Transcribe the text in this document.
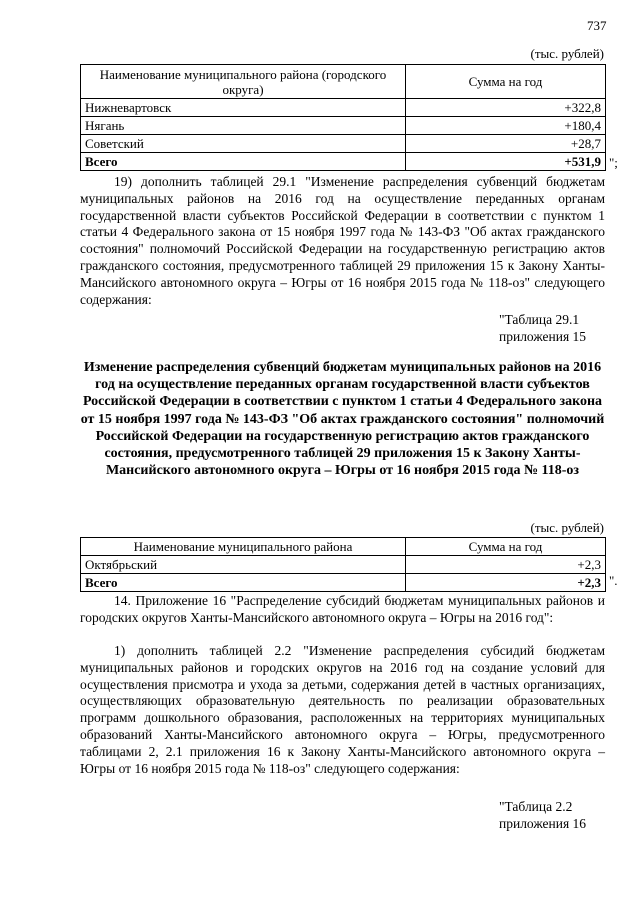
737
(тыс. рублей)
Наименование муниципального района (городского округа)	Сумма на год
Нижневартовск	+322,8
Нягань	+180,4
Советский	+28,7
Всего	+531,9 ";

19) дополнить таблицей 29.1 "Изменение распределения субвенций бюджетам муниципальных районов на 2016 год на осуществление переданных органам государственной власти субъектов Российской Федерации в соответствии с пунктом 1 статьи 4 Федерального закона от 15 ноября 1997 года № 143-ФЗ "Об актах гражданского состояния" полномочий Российской Федерации на государственную регистрацию актов гражданского состояния, предусмотренного таблицей 29 приложения 15 к Закону Ханты-Мансийского автономного округа – Югры от 16 ноября 2015 года № 118-оз" следующего содержания:

"Таблица 29.1
приложения 15
Изменение распределения субвенций бюджетам муниципальных районов на 2016 год на осуществление переданных органам государственной власти субъектов Российской Федерации в соответствии с пунктом 1 статьи 4 Федерального закона от 15 ноября 1997 года № 143-ФЗ "Об актах гражданского состояния" полномочий Российской Федерации на государственную регистрацию актов гражданского состояния, предусмотренного таблицей 29 приложения 15 к Закону Ханты-Мансийского автономного округа – Югры от 16 ноября 2015 года № 118-оз
(тыс. рублей)
Наименование муниципального района	Сумма на год
Октябрьский	+2,3
Всего	+2,3 ".

14. Приложение 16 "Распределение субсидий бюджетам муниципальных районов и городских округов Ханты-Мансийского автономного округа – Югры на 2016 год":

1) дополнить таблицей 2.2 "Изменение распределения субсидий бюджетам муниципальных районов и городских округов на 2016 год на создание условий для осуществления присмотра и ухода за детьми, содержания детей в частных организациях, осуществляющих образовательную деятельность по реализации образовательных программ дошкольного образования, расположенных на территориях муниципальных образований Ханты-Мансийского автономного округа – Югры, предусмотренного таблицами 2, 2.1 приложения 16 к Закону Ханты-Мансийского автономного округа – Югры от 16 ноября 2015 года № 118-оз" следующего содержания:

"Таблица 2.2
приложения 16
